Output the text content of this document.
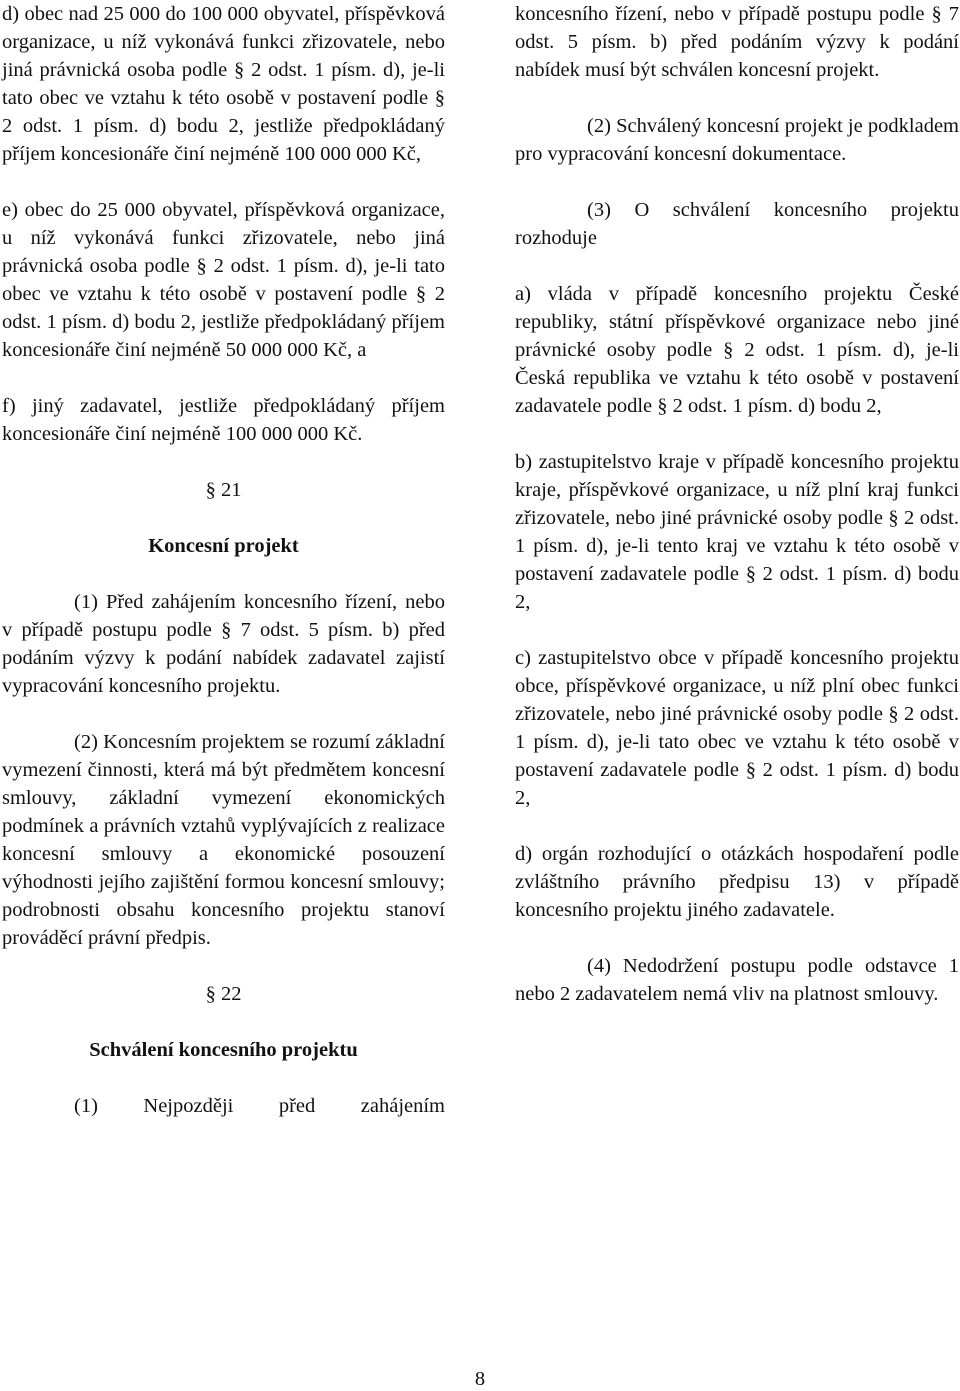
d) obec nad 25 000 do 100 000 obyvatel, příspěvková organizace, u níž vykonává funkci zřizovatele, nebo jiná právnická osoba podle § 2 odst. 1 písm. d), je-li tato obec ve vztahu k této osobě v postavení podle § 2 odst. 1 písm. d) bodu 2, jestliže předpokládaný příjem koncesionáře činí nejméně 100 000 000 Kč,

e) obec do 25 000 obyvatel, příspěvková organizace, u níž vykonává funkci zřizovatele, nebo jiná právnická osoba podle § 2 odst. 1 písm. d), je-li tato obec ve vztahu k této osobě v postavení podle § 2 odst. 1 písm. d) bodu 2, jestliže předpokládaný příjem koncesionáře činí nejméně 50 000 000 Kč, a

f) jiný zadavatel, jestliže předpokládaný příjem koncesionáře činí nejméně 100 000 000 Kč.

§ 21
Koncesní projekt

(1) Před zahájením koncesního řízení, nebo v případě postupu podle § 7 odst. 5 písm. b) před podáním výzvy k podání nabídek zadavatel zajistí vypracování koncesního projektu.

(2) Koncesním projektem se rozumí základní vymezení činnosti, která má být předmětem koncesní smlouvy, základní vymezení ekonomických podmínek a právních vztahů vyplývajících z realizace koncesní smlouvy a ekonomické posouzení výhodnosti jejího zajištění formou koncesní smlouvy; podrobnosti obsahu koncesního projektu stanoví prováděcí právní předpis.

§ 22
Schválení koncesního projektu

(1) Nejpozději před zahájením

koncesního řízení, nebo v případě postupu podle § 7 odst. 5 písm. b) před podáním výzvy k podání nabídek musí být schválen koncesní projekt.

(2) Schválený koncesní projekt je podkladem pro vypracování koncesní dokumentace.

(3) O schválení koncesního projektu rozhoduje

a) vláda v případě koncesního projektu České republiky, státní příspěvkové organizace nebo jiné právnické osoby podle § 2 odst. 1 písm. d), je-li Česká republika ve vztahu k této osobě v postavení zadavatele podle § 2 odst. 1 písm. d) bodu 2,

b) zastupitelstvo kraje v případě koncesního projektu kraje, příspěvkové organizace, u níž plní kraj funkci zřizovatele, nebo jiné právnické osoby podle § 2 odst. 1 písm. d), je-li tento kraj ve vztahu k této osobě v postavení zadavatele podle § 2 odst. 1 písm. d) bodu 2,

c) zastupitelstvo obce v případě koncesního projektu obce, příspěvkové organizace, u níž plní obec funkci zřizovatele, nebo jiné právnické osoby podle § 2 odst. 1 písm. d), je-li tato obec ve vztahu k této osobě v postavení zadavatele podle § 2 odst. 1 písm. d) bodu 2,

d) orgán rozhodující o otázkách hospodaření podle zvláštního právního předpisu 13) v případě koncesního projektu jiného zadavatele.

(4) Nedodržení postupu podle odstavce 1 nebo 2 zadavatelem nemá vliv na platnost smlouvy.

8
